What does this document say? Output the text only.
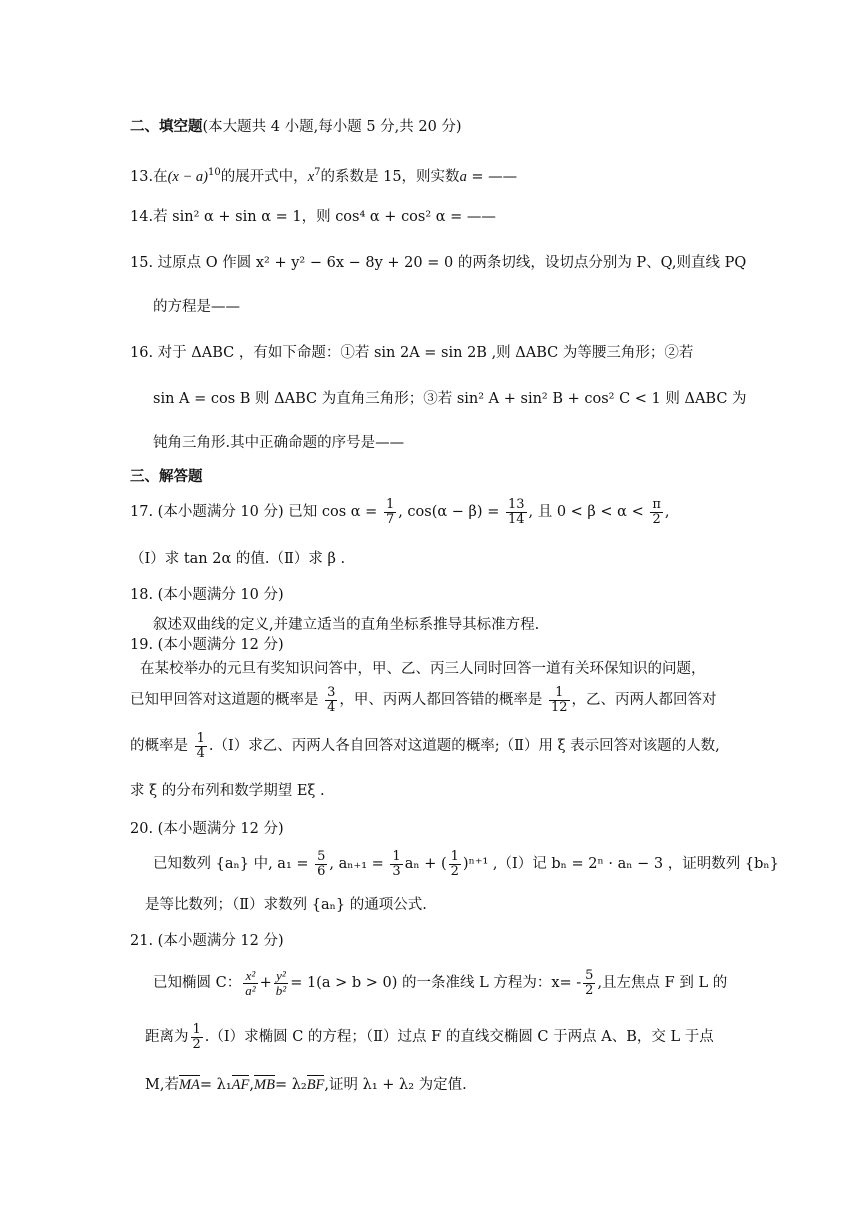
二、填空题(本大题共 4 小题,每小题 5 分,共 20 分)
13.在$(x - a)^{10}$的展开式中，$x^7$的系数是 15，则实数a = ——
14.若 sin² α + sin α = 1，则 cos⁴ α + cos² α = ——
15. 过原点 O 作圆 x² + y² − 6x − 8y + 20 = 0 的两条切线，设切点分别为 P、Q,则直线 PQ
的方程是——
16. 对于 ΔABC ，有如下命题：①若 sin 2A = sin 2B ,则 ΔABC 为等腰三角形；②若
sin A = cos B 则 ΔABC 为直角三角形；③若 sin² A + sin² B + cos² C < 1 则 ΔABC 为
钝角三角形.其中正确命题的序号是——
三、解答题
17. (本小题满分 10 分) 已知 $\cos \alpha = \frac{1}{7}$ , $\cos(\alpha - \beta) = \frac{13}{14}$ , 且 $0 < \beta < \alpha < \frac{\pi}{2}$ ,
（Ⅰ）求 tan 2α 的值.（Ⅱ）求 β .
18. (本小题满分 10 分)
叙述双曲线的定义,并建立适当的直角坐标系推导其标准方程.
19. (本小题满分 12 分)
在某校举办的元旦有奖知识问答中，甲、乙、丙三人同时回答一道有关环保知识的问题，
已知甲回答对这道题的概率是 $\frac{3}{4}$ ，甲、丙两人都回答错的概率是 $\frac{1}{12}$ ，乙、丙两人都回答对
的概率是 $\frac{1}{4}$ .（Ⅰ）求乙、丙两人各自回答对这道题的概率;（Ⅱ）用 ξ 表示回答对该题的人数,
求 ξ 的分布列和数学期望 Eξ .
20. (本小题满分 12 分)
已知数列 {aₙ} 中, $a_1 = \frac{5}{6}$ , $a_{n+1} = \frac{1}{3}$ aₙ + ( $\frac{1}{2} )^{n+1}$ ,（Ⅰ）记 bₙ = 2ⁿ · aₙ − 3 ，证明数列 {bₙ}
是等比数列；（Ⅱ）求数列 {aₙ} 的通项公式.
21. (本小题满分 12 分)
已知椭圆 C： $\frac{\text{x²}}{\text{a²}} + \frac{\text{y²}}{\text{b²}} = 1(a > b > 0)$ 的一条准线 L 方程为：$x= - \frac{5}{2}$ ,且左焦点 F 到 L 的
距离为 $\frac{1}{2}$ .（Ⅰ）求椭圆 C 的方程；（Ⅱ）过点 F 的直线交椭圆 C 于两点 A、B，交 L 于点
M,若MA= λ₁AF,MB= λ₂BF,证明 λ₁ + λ₂ 为定值.
